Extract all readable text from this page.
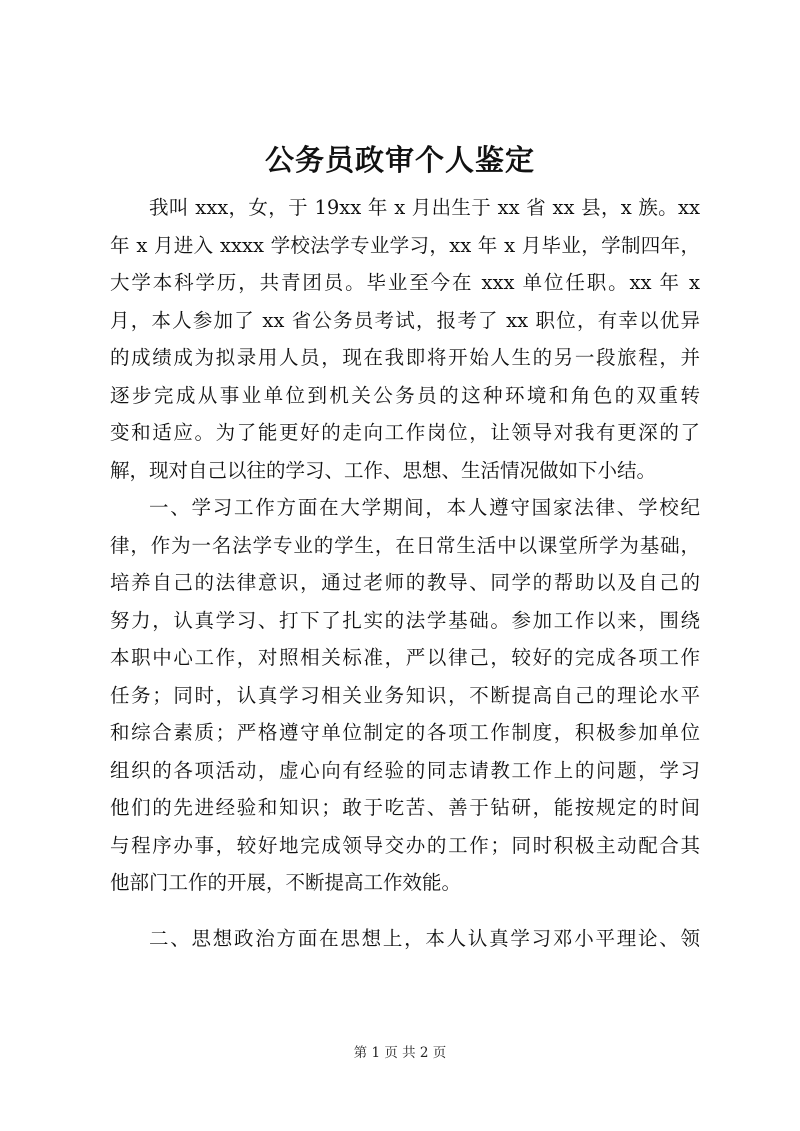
公务员政审个人鉴定
我叫 xxx，女，于 19xx 年 x 月出生于 xx 省 xx 县，x 族。xx
年 x 月进入 xxxx 学校法学专业学习，xx 年 x 月毕业，学制四年，
大学本科学历，共青团员。毕业至今在 xxx 单位任职。xx 年 x
月，本人参加了 xx 省公务员考试，报考了 xx 职位，有幸以优异
的成绩成为拟录用人员，现在我即将开始人生的另一段旅程，并
逐步完成从事业单位到机关公务员的这种环境和角色的双重转
变和适应。为了能更好的走向工作岗位，让领导对我有更深的了
解，现对自己以往的学习、工作、思想、生活情况做如下小结。
一、学习工作方面在大学期间，本人遵守国家法律、学校纪
律，作为一名法学专业的学生，在日常生活中以课堂所学为基础，
培养自己的法律意识，通过老师的教导、同学的帮助以及自己的
努力，认真学习、打下了扎实的法学基础。参加工作以来，围绕
本职中心工作，对照相关标准，严以律己，较好的完成各项工作
任务；同时，认真学习相关业务知识，不断提高自己的理论水平
和综合素质；严格遵守单位制定的各项工作制度，积极参加单位
组织的各项活动，虚心向有经验的同志请教工作上的问题，学习
他们的先进经验和知识；敢于吃苦、善于钻研，能按规定的时间
与程序办事，较好地完成领导交办的工作；同时积极主动配合其
他部门工作的开展，不断提高工作效能。
二、思想政治方面在思想上，本人认真学习邓小平理论、领
第 1 页 共 2 页
